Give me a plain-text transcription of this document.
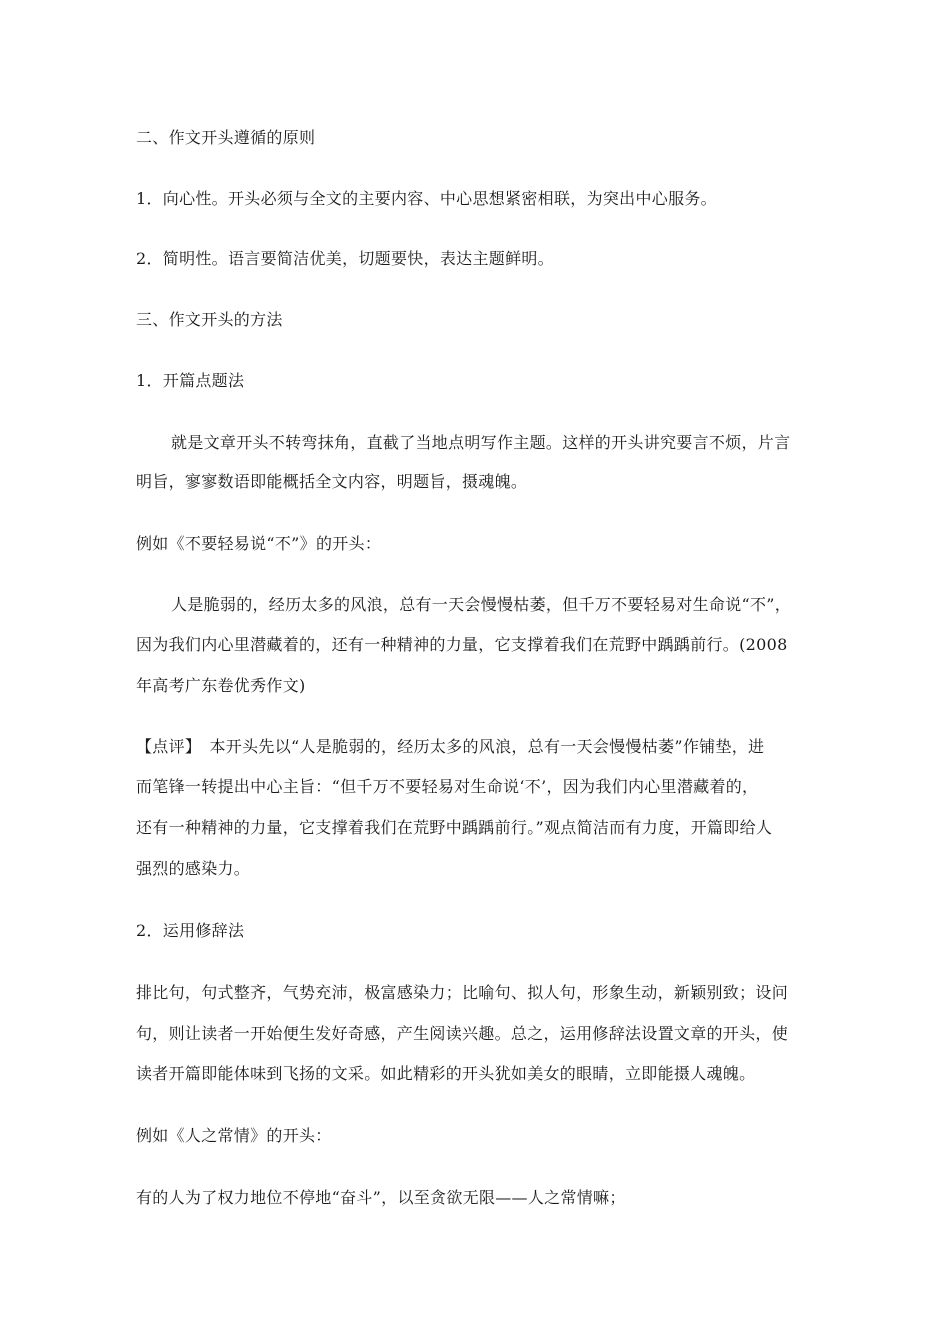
二、作文开头遵循的原则
1．向心性。开头必须与全文的主要内容、中心思想紧密相联，为突出中心服务。
2．简明性。语言要简洁优美，切题要快，表达主题鲜明。
三、作文开头的方法
1．开篇点题法
就是文章开头不转弯抹角，直截了当地点明写作主题。这样的开头讲究要言不烦，片言
明旨，寥寥数语即能概括全文内容，明题旨，摄魂魄。
例如《不要轻易说“不”》的开头：
人是脆弱的，经历太多的风浪，总有一天会慢慢枯萎，但千万不要轻易对生命说“不”，
因为我们内心里潜藏着的，还有一种精神的力量，它支撑着我们在荒野中踽踽前行。(2008
年高考广东卷优秀作文)
【点评】　本开头先以“人是脆弱的，经历太多的风浪，总有一天会慢慢枯萎”作铺垫，进
而笔锋一转提出中心主旨：“但千万不要轻易对生命说‘不’，因为我们内心里潜藏着的，
还有一种精神的力量，它支撑着我们在荒野中踽踽前行。”观点简洁而有力度，开篇即给人
强烈的感染力。
2．运用修辞法
排比句，句式整齐，气势充沛，极富感染力；比喻句、拟人句，形象生动，新颖别致；设问
句，则让读者一开始便生发好奇感，产生阅读兴趣。总之，运用修辞法设置文章的开头，使
读者开篇即能体味到飞扬的文采。如此精彩的开头犹如美女的眼睛，立即能摄人魂魄。
例如《人之常情》的开头：
有的人为了权力地位不停地“奋斗”，以至贪欲无限——人之常情嘛；
